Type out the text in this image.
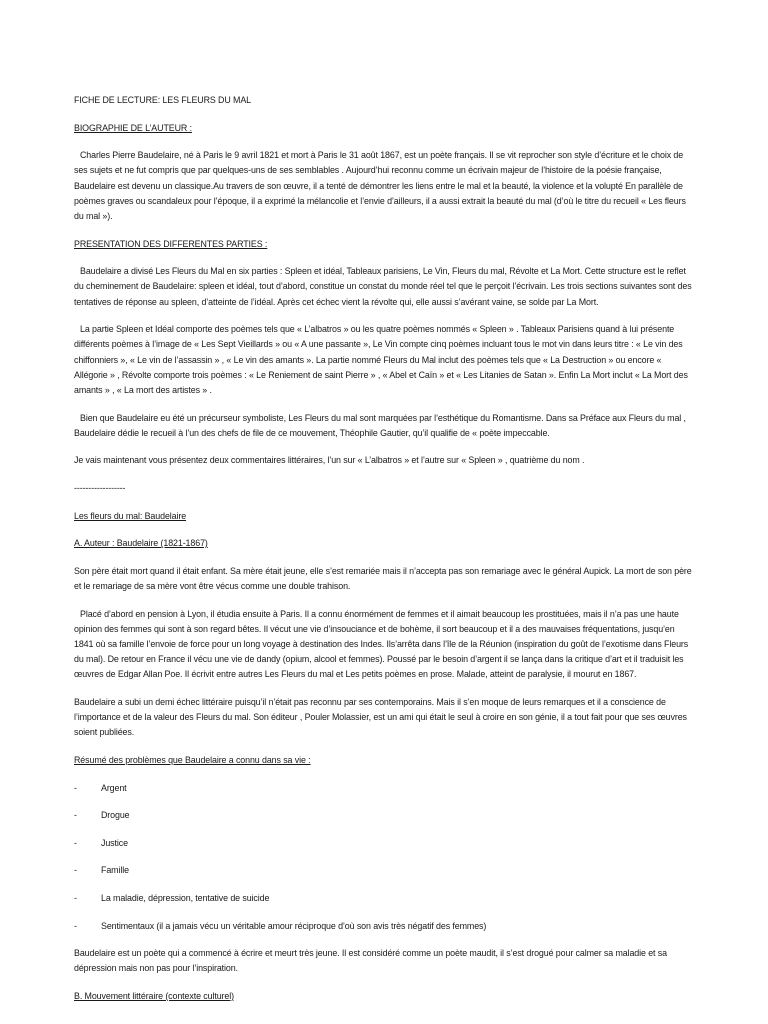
FICHE DE LECTURE: LES FLEURS DU MAL

BIOGRAPHIE DE L’AUTEUR :

Charles Pierre Baudelaire, né à Paris le 9 avril 1821 et mort à Paris le 31 août 1867, est un poète français. Il se vit reprocher son style d’écriture et le choix de ses sujets et ne fut compris que par quelques-uns de ses semblables . Aujourd’hui reconnu comme un écrivain majeur de l’histoire de la poésie française, Baudelaire est devenu un classique.Au travers de son œuvre, il a tenté de démontrer les liens entre le mal et la beauté, la violence et la volupté En parallèle de poèmes graves ou scandaleux pour l’époque, il a exprimé la mélancolie et l’envie d’ailleurs, il a aussi extrait la beauté du mal (d’où le titre du recueil « Les fleurs du mal »).

PRESENTATION DES DIFFERENTES PARTIES :

Baudelaire a divisé Les Fleurs du Mal en six parties : Spleen et idéal, Tableaux parisiens, Le Vin, Fleurs du mal, Révolte et La Mort. Cette structure est le reflet du cheminement de Baudelaire: spleen et idéal, tout d’abord, constitue un constat du monde réel tel que le perçoit l’écrivain. Les trois sections suivantes sont des tentatives de réponse au spleen, d’atteinte de l’idéal. Après cet échec vient la révolte qui, elle aussi s’avérant vaine, se solde par La Mort.

La partie Spleen et Idéal comporte des poèmes tels que « L’albatros » ou les quatre poèmes nommés « Spleen » . Tableaux Parisiens quand à lui présente différents poèmes à l’image de « Les Sept Vieillards » ou « A une passante », Le Vin compte cinq poèmes incluant tous le mot vin dans leurs titre : « Le vin des chiffonniers », « Le vin de l’assassin » , « Le vin des amants ». La partie nommé Fleurs du Mal inclut des poèmes tels que « La Destruction » ou encore « Allégorie » , Révolte comporte trois poèmes : « Le Reniement de saint Pierre » , « Abel et Caïn » et « Les Litanies de Satan ». Enfin La Mort inclut « La Mort des amants » , « La mort des artistes » .

Bien que Baudelaire eu été un précurseur symboliste, Les Fleurs du mal sont marquées par l’esthétique du Romantisme. Dans sa Préface aux Fleurs du mal , Baudelaire dédie le recueil à l’un des chefs de file de ce mouvement, Théophile Gautier, qu’il qualifie de « poète impeccable.

Je vais maintenant vous présentez deux commentaires littéraires, l’un sur « L’albatros » et l’autre sur « Spleen » , quatrième du nom .

------------------

Les fleurs du mal: Baudelaire

A. Auteur : Baudelaire (1821-1867)

Son père était mort quand il était enfant. Sa mère était jeune, elle s’est remariée mais il n’accepta pas son remariage avec le général Aupick. La mort de son père et le remariage de sa mère vont être vécus comme une double trahison.

Placé d’abord en pension à Lyon, il étudia ensuite à Paris. Il a connu énormément de femmes et il aimait beaucoup les prostituées, mais il n’a pas une haute opinion des femmes qui sont à son regard bêtes. Il vécut une vie d’insouciance et de bohème, il sort beaucoup et il a des mauvaises fréquentations, jusqu’en 1841 où sa famille l’envoie de force pour un long voyage à destination des Indes. Ils’arrêta dans l’île de la Réunion (inspiration du goût de l’exotisme dans Fleurs du mal). De retour en France il vécu une vie de dandy (opium, alcool et femmes). Poussé par le besoin d’argent il se lança dans la critique d’art et il traduisit les œuvres de Edgar Allan Poe. Il écrivit entre autres Les Fleurs du mal et Les petits poèmes en prose. Malade, atteint de paralysie, il mourut en 1867.

Baudelaire a subi un demi échec littéraire puisqu’il n’était pas reconnu par ses contemporains. Mais il s’en moque de leurs remarques et il a conscience de l’importance et de la valeur des Fleurs du mal. Son éditeur , Pouler Molassier, est un ami qui était le seul à croire en son génie, il a tout fait pour que ses œuvres soient publiées.

Résumé des problèmes que Baudelaire a connu dans sa vie :

-	Argent
-	Drogue
-	Justice
-	Famille
-	La maladie, dépression, tentative de suicide
-	Sentimentaux (il a jamais vécu un véritable amour réciproque d’où son avis très négatif des femmes)

Baudelaire est un poète qui a commencé à écrire et meurt très jeune. Il est considéré comme un poète maudit, il s’est drogué pour calmer sa maladie et sa dépression mais non pas pour l’inspiration.

B. Mouvement littéraire (contexte culturel)
